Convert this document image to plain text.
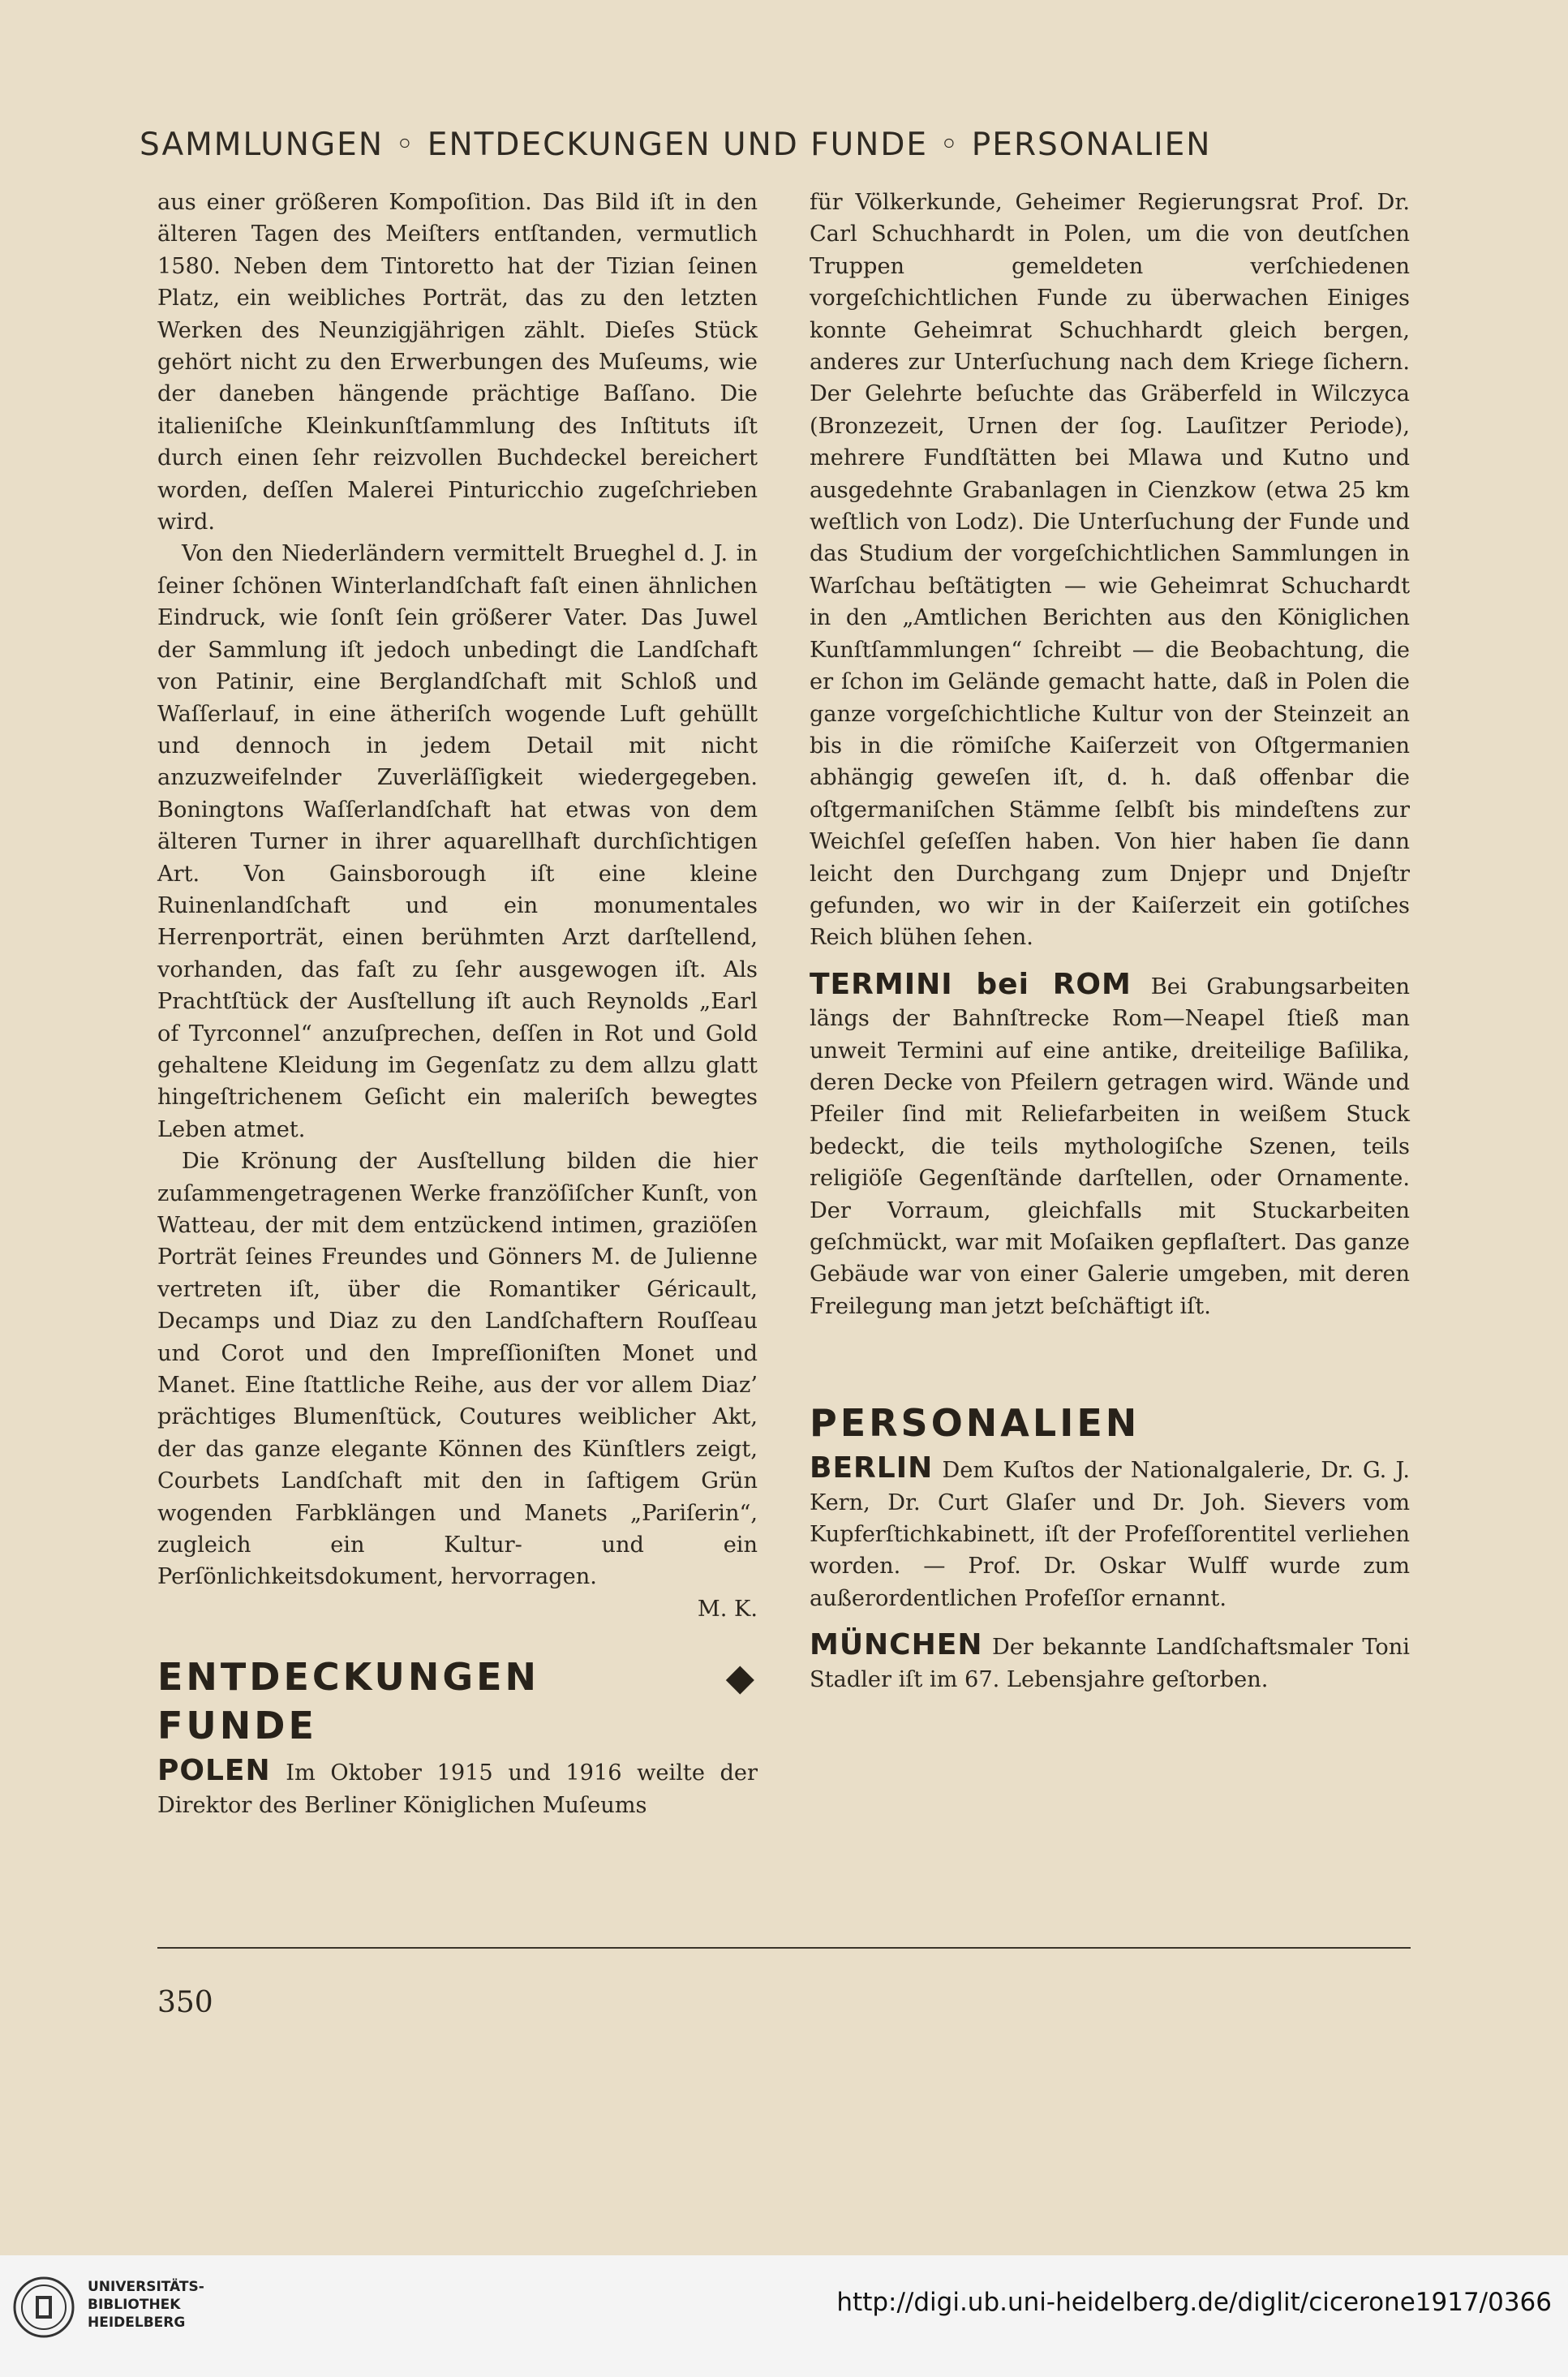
SAMMLUNGEN ◦ ENTDECKUNGEN UND FUNDE ◦ PERSONALIEN

aus einer größeren Kompoſition. Das Bild iſt in den älteren Tagen des Meiſters entſtanden, vermutlich 1580. Neben dem Tintoretto hat der Tizian ſeinen Platz, ein weibliches Porträt, das zu den letzten Werken des Neunzigjährigen zählt. Dieſes Stück gehört nicht zu den Erwerbungen des Muſeums, wie der daneben hängende prächtige Baſſano. Die italieniſche Kleinkunſtſammlung des Inſtituts iſt durch einen ſehr reizvollen Buchdeckel bereichert worden, deſſen Malerei Pinturicchio zugeſchrieben wird.

Von den Niederländern vermittelt Brueghel d. J. in ſeiner ſchönen Winterlandſchaft faſt einen ähnlichen Eindruck, wie ſonſt ſein größerer Vater. Das Juwel der Sammlung iſt jedoch unbedingt die Landſchaft von Patinir, eine Berglandſchaft mit Schloß und Waſſerlauf, in eine ätheriſch wogende Luft gehüllt und dennoch in jedem Detail mit nicht anzuzweifelnder Zuverläſſigkeit wiedergegeben. Boningtons Waſſerlandſchaft hat etwas von dem älteren Turner in ihrer aquarellhaft durchſichtigen Art. Von Gainsborough iſt eine kleine Ruinenlandſchaft und ein monumentales Herrenporträt, einen berühmten Arzt darſtellend, vorhanden, das faſt zu ſehr ausgewogen iſt. Als Prachtſtück der Ausſtellung iſt auch Reynolds „Earl of Tyrconnel“ anzuſprechen, deſſen in Rot und Gold gehaltene Kleidung im Gegenſatz zu dem allzu glatt hingeſtrichenem Geſicht ein maleriſch bewegtes Leben atmet.

Die Krönung der Ausſtellung bilden die hier zuſammengetragenen Werke franzöſiſcher Kunſt, von Watteau, der mit dem entzückend intimen, graziöſen Porträt ſeines Freundes und Gönners M. de Julienne vertreten iſt, über die Romantiker Géricault, Decamps und Diaz zu den Landſchaftern Rouſſeau und Corot und den Impreſſioniſten Monet und Manet. Eine ſtattliche Reihe, aus der vor allem Diaz’ prächtiges Blumenſtück, Coutures weiblicher Akt, der das ganze elegante Können des Künſtlers zeigt, Courbets Landſchaft mit den in ſaftigem Grün wogenden Farbklängen und Manets „Pariſerin“, zugleich ein Kultur- und ein Perſönlichkeitsdokument, hervorragen.

M. K.
ENTDECKUNGEN ◆ FUNDE

POLEN Im Oktober 1915 und 1916 weilte der Direktor des Berliner Königlichen Muſeums

für Völkerkunde, Geheimer Regierungsrat Prof. Dr. Carl Schuchhardt in Polen, um die von deutſchen Truppen gemeldeten verſchiedenen vorgeſchichtlichen Funde zu überwachen Einiges konnte Geheimrat Schuchhardt gleich bergen, anderes zur Unterſuchung nach dem Kriege ſichern. Der Gelehrte beſuchte das Gräberfeld in Wilczyca (Bronzezeit, Urnen der ſog. Lauſitzer Periode), mehrere Fundſtätten bei Mlawa und Kutno und ausgedehnte Grabanlagen in Cienzkow (etwa 25 km weſtlich von Lodz). Die Unterſuchung der Funde und das Studium der vorgeſchichtlichen Sammlungen in Warſchau beſtätigten — wie Geheimrat Schuchardt in den „Amtlichen Berichten aus den Königlichen Kunſtſammlungen“ ſchreibt — die Beobachtung, die er ſchon im Gelände gemacht hatte, daß in Polen die ganze vorgeſchichtliche Kultur von der Steinzeit an bis in die römiſche Kaiſerzeit von Oſtgermanien abhängig geweſen iſt, d. h. daß offenbar die oſtgermaniſchen Stämme ſelbſt bis mindeſtens zur Weichſel geſeſſen haben. Von hier haben ſie dann leicht den Durchgang zum Dnjepr und Dnjeſtr gefunden, wo wir in der Kaiſerzeit ein gotiſches Reich blühen ſehen.

TERMINI bei ROM Bei Grabungsarbeiten längs der Bahnſtrecke Rom—Neapel ſtieß man unweit Termini auf eine antike, dreiteilige Baſilika, deren Decke von Pfeilern getragen wird. Wände und Pfeiler ſind mit Reliefarbeiten in weißem Stuck bedeckt, die teils mythologiſche Szenen, teils religiöſe Gegenſtände darſtellen, oder Ornamente. Der Vorraum, gleichfalls mit Stuckarbeiten geſchmückt, war mit Moſaiken gepflaſtert. Das ganze Gebäude war von einer Galerie umgeben, mit deren Freilegung man jetzt beſchäftigt iſt.

PERSONALIEN

BERLIN Dem Kuſtos der Nationalgalerie, Dr. G. J. Kern, Dr. Curt Glaſer und Dr. Joh. Sievers vom Kupferſtichkabinett, iſt der Profeſſorentitel verliehen worden. — Prof. Dr. Oskar Wulff wurde zum außerordentlichen Profeſſor ernannt.

MÜNCHEN Der bekannte Landſchaftsmaler Toni Stadler iſt im 67. Lebensjahre geſtorben.

350
UNIVERSITÄTS-
BIBLIOTHEK
HEIDELBERG
http://digi.ub.uni-heidelberg.de/diglit/cicerone1917/0366
